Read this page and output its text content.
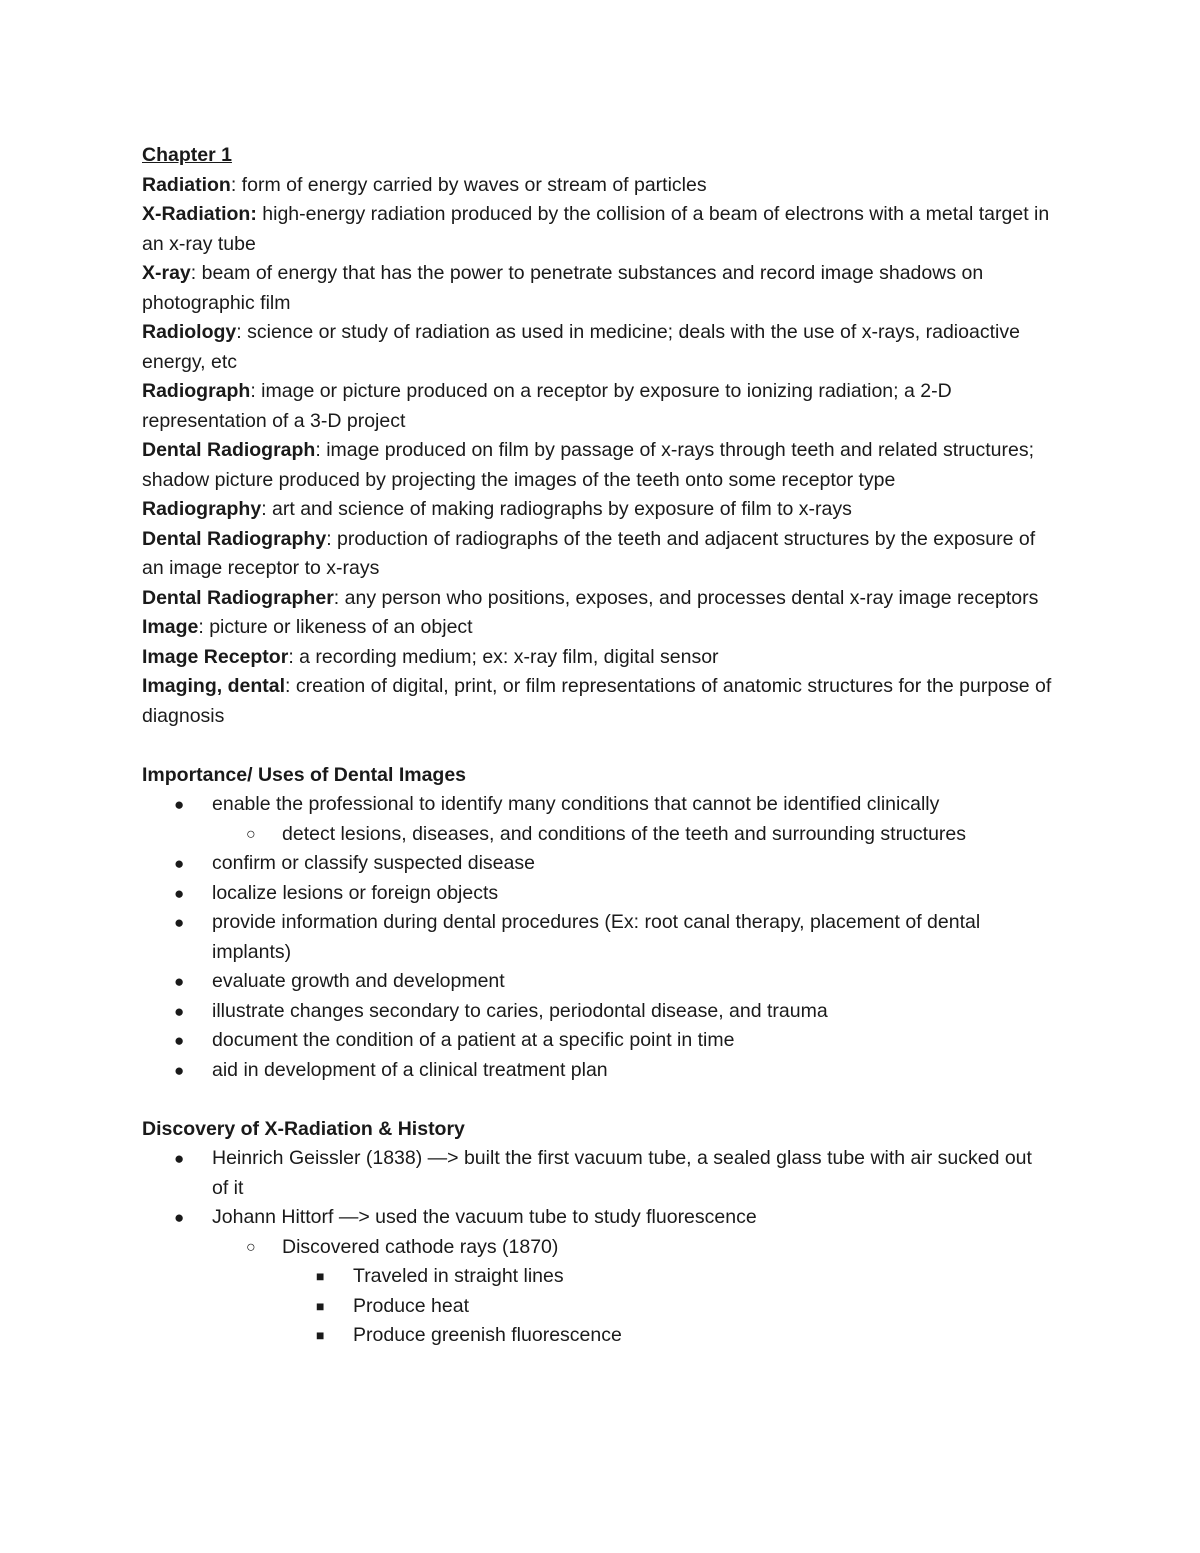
Chapter 1

Radiation: form of energy carried by waves or stream of particles

X-Radiation: high-energy radiation produced by the collision of a beam of electrons with a metal target in an x-ray tube

X-ray: beam of energy that has the power to penetrate substances and record image shadows on photographic film

Radiology: science or study of radiation as used in medicine; deals with the use of x-rays, radioactive energy, etc

Radiograph: image or picture produced on a receptor by exposure to ionizing radiation; a 2-D representation of a 3-D project

Dental Radiograph: image produced on film by passage of x-rays through teeth and related structures; shadow picture produced by projecting the images of the teeth onto some receptor type

Radiography: art and science of making radiographs by exposure of film to x-rays

Dental Radiography: production of radiographs of the teeth and adjacent structures by the exposure of an image receptor to x-rays

Dental Radiographer: any person who positions, exposes, and processes dental x-ray image receptors

Image: picture or likeness of an object

Image Receptor: a recording medium; ex: x-ray film, digital sensor

Imaging, dental: creation of digital, print, or film representations of anatomic structures for the purpose of diagnosis

Importance/ Uses of Dental Images

● enable the professional to identify many conditions that cannot be identified clinically
○ detect lesions, diseases, and conditions of the teeth and surrounding structures
● confirm or classify suspected disease
● localize lesions or foreign objects
● provide information during dental procedures (Ex: root canal therapy, placement of dental implants)
● evaluate growth and development
● illustrate changes secondary to caries, periodontal disease, and trauma
● document the condition of a patient at a specific point in time
● aid in development of a clinical treatment plan

Discovery of X-Radiation & History

● Heinrich Geissler (1838) —> built the first vacuum tube, a sealed glass tube with air sucked out of it
● Johann Hittorf —> used the vacuum tube to study fluorescence
○ Discovered cathode rays (1870)
■ Traveled in straight lines
■ Produce heat
■ Produce greenish fluorescence
